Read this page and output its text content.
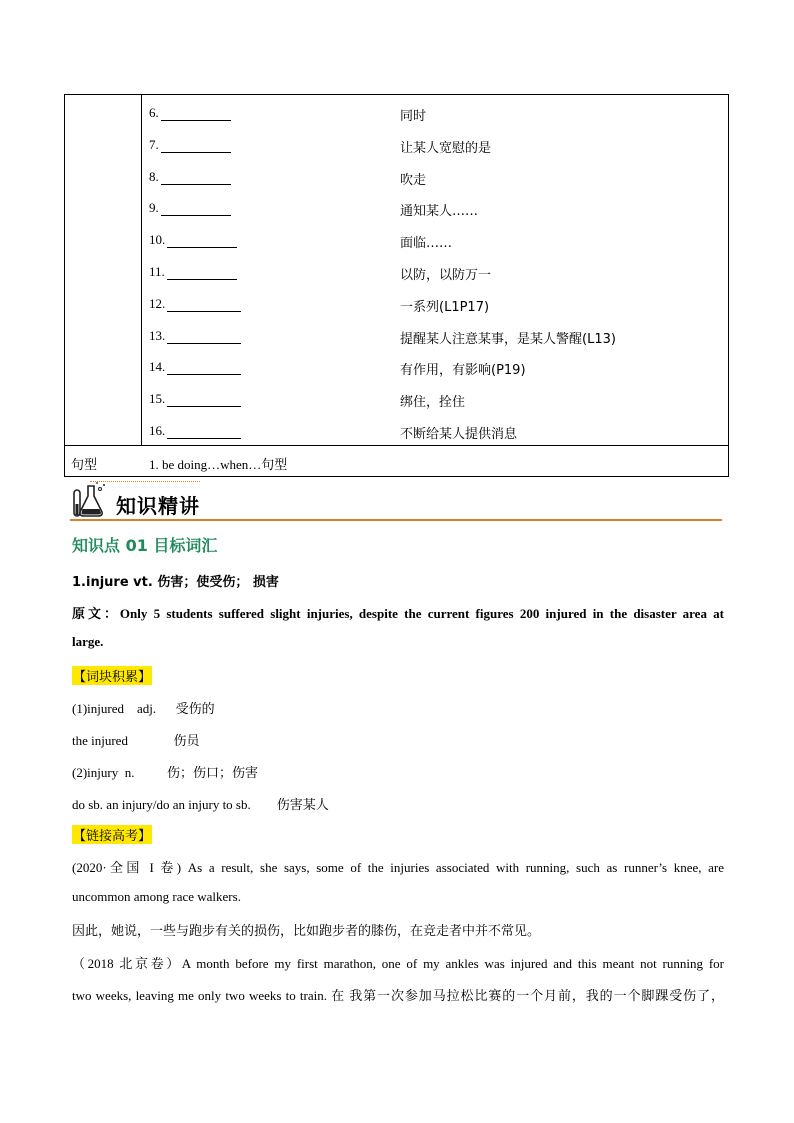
6.	同时
7.	让某人宽慰的是
8.	吹走
9.	通知某人……
10.	面临……
11.	以防，以防万一
12.	一系列(L1P17)
13.	提醒某人注意某事，是某人警醒(L13)
14.	有作用，有影响(P19)
15.	绑住，拴住
16.	不断给某人提供消息
句型	1. be doing…when…句型
知识精讲
知识点 01 目标词汇
1.injure vt. 伤害；使受伤； 损害
原文：Only 5 students suffered slight injuries, despite the current figures 200 injured in the disaster area at
large.
【词块积累】
(1)injured    adj.      受伤的
the injured              伤员
(2)injury  n.          伤；伤口；伤害
do sb. an injury/do an injury to sb.        伤害某人
【链接高考】
(2020·全国 I 卷) As a result, she says, some of the injuries associated with running, such as runner’s knee, are
uncommon among race walkers.
因此，她说，一些与跑步有关的损伤，比如跑步者的膝伤，在竞走者中并不常见。
（2018 北京卷）A month before my first marathon, one of my ankles was injured and this meant not running for
two weeks, leaving me only two weeks to train. 在 我第一次参加马拉松比赛的一个月前，我的一个脚踝受伤了，
